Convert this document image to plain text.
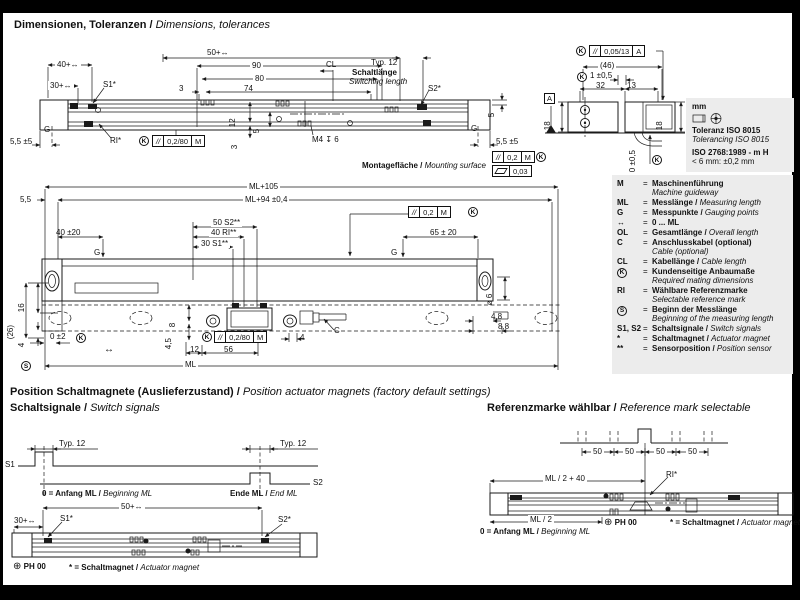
Dimensionen, Toleranzen / Dimensions, tolerances
Position Schaltmagnete (Auslieferzustand) / Position actuator magnets (factory default settings)
Schaltsignale / Switch signals	Referenzmarke wählbar / Reference mark selectable
50+↔
40+↔
30+↔
90
80
74
3
S1*
RI*
G
5,5 ±5
G
5,5 ±5
CL	Typ. 12
Schaltlänge
Switching length
S2*
M4 ↧ 6
12
5
3
5
Montagefläche / Mounting surface
K	// 0,2/80 M
// 0,2 M	K
0,03
K	// 0,05/13 A
(46)
K 1 ±0,5
32	13
A
18	18
0 ±0,5	K
mm
Toleranz ISO 8015
Tolerancing ISO 8015
ISO 2768:1989 - m H
< 6 mm: ±0,2 mm
ML+105
ML+94 ±0,4
5,5
40 ±20	65 ± 20
50 S2**
40 RI**
30 S1**
G	G
(26)
16
4
0 ±2	K
8
4,5
12	56
ML
S
↔
C
4
4,8
8,8
ø 6
// 0,2 M	K
K	// 0,2/80 M
M	= Maschinenführung
Machine guideway
ML	= Messlänge / Measuring length
G	= Messpunkte / Gauging points
↔	= 0 ... ML
OL	= Gesamtlänge / Overall length
C	= Anschlusskabel (optional)
Cable (optional)
CL	= Kabellänge / Cable length
K	= Kundenseitige Anbaumaße
Required mating dimensions
RI	= Wählbare Referenzmarke
Selectable reference mark
S	= Beginn der Messlänge
Beginning of the measuring length
S1, S2 = Schaltsignale / Switch signals
*	= Schaltmagnet / Actuator magnet
**	= Sensorposition / Position sensor
Typ. 12	Typ. 12
S1
S2
0 = Anfang ML / Beginning ML	Ende ML / End ML
50+↔
30+↔	S1*	S2*
⊕ PH 00	* = Schaltmagnet / Actuator magnet
50	50	50	50
ML / 2 + 40	RI*
ML / 2	⊕ PH 00	* = Schaltmagnet / Actuator magnet
0 = Anfang ML / Beginning ML
